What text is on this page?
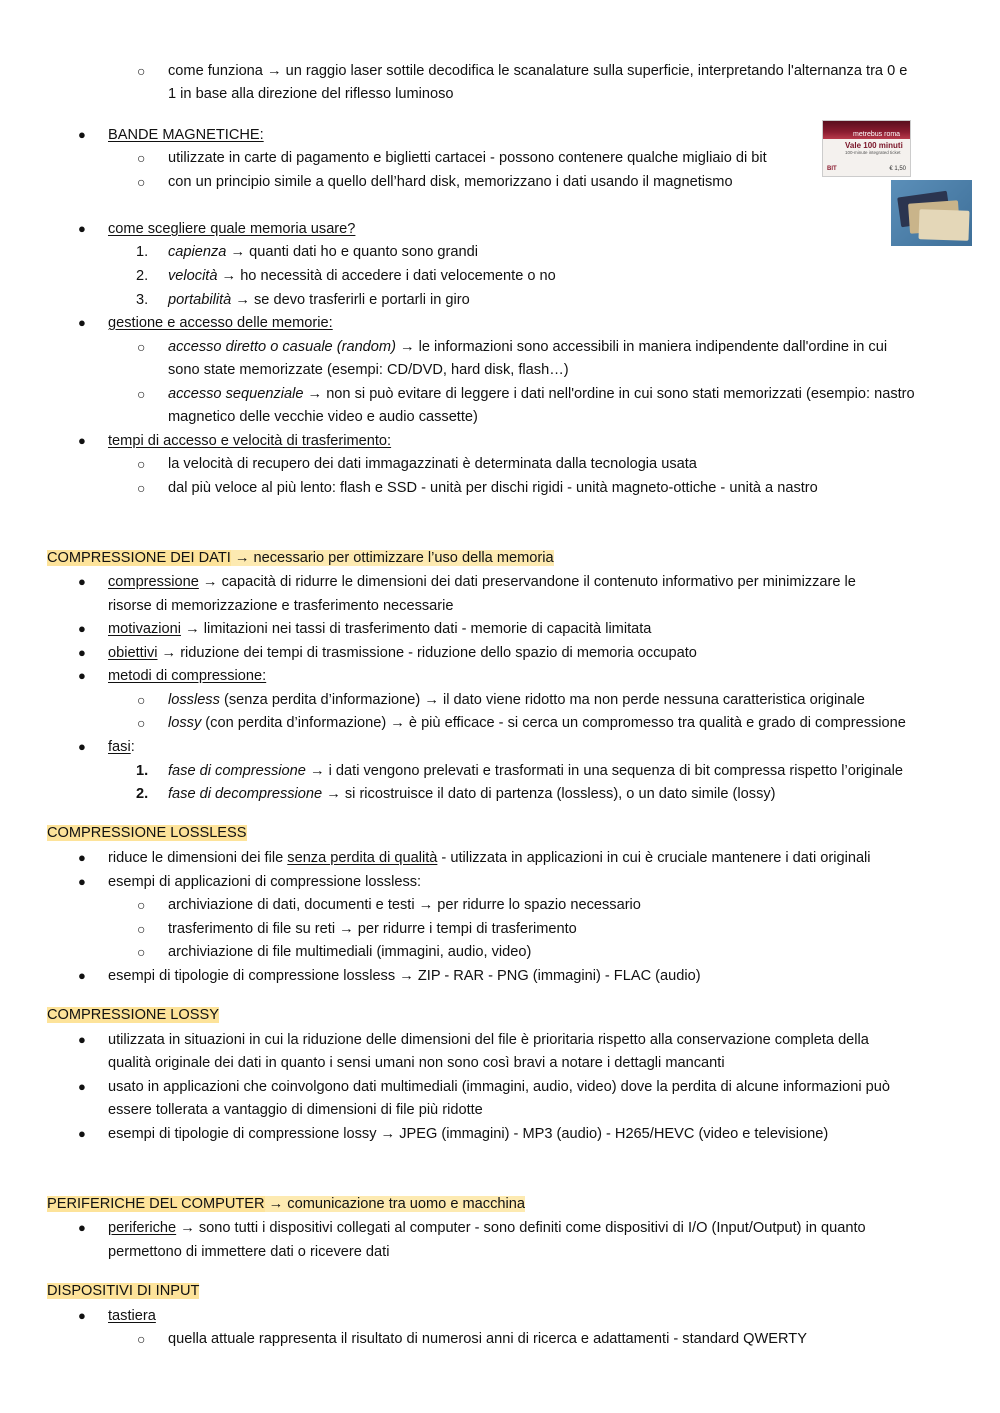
○ come funziona → un raggio laser sottile decodifica le scanalature sulla superficie, interpretando l'alternanza tra 0 e
1 in base alla direzione del riflesso luminoso
● BANDE MAGNETICHE:
○ utilizzate in carte di pagamento e biglietti cartacei - possono contenere qualche migliaio di bit
○ con un principio simile a quello dell’hard disk, memorizzano i dati usando il magnetismo
metrebus roma
Vale 100 minuti
100-minute integrated ticket
BIT	€ 1,50
● come scegliere quale memoria usare?
1. capienza → quanti dati ho e quanto sono grandi
2. velocità → ho necessità di accedere i dati velocemente o no
3. portabilità → se devo trasferirli e portarli in giro
● gestione e accesso delle memorie:
○ accesso diretto o casuale (random) → le informazioni sono accessibili in maniera indipendente dall'ordine in cui
sono state memorizzate (esempi: CD/DVD, hard disk, flash…)
○ accesso sequenziale → non si può evitare di leggere i dati nell'ordine in cui sono stati memorizzati (esempio: nastro
magnetico delle vecchie video e audio cassette)
● tempi di accesso e velocità di trasferimento:
○ la velocità di recupero dei dati immagazzinati è determinata dalla tecnologia usata
○ dal più veloce al più lento: flash e SSD - unità per dischi rigidi - unità magneto-ottiche - unità a nastro
COMPRESSIONE DEI DATI → necessario per ottimizzare l’uso della memoria
● compressione → capacità di ridurre le dimensioni dei dati preservandone il contenuto informativo per minimizzare le
risorse di memorizzazione e trasferimento necessarie
● motivazioni → limitazioni nei tassi di trasferimento dati - memorie di capacità limitata
● obiettivi → riduzione dei tempi di trasmissione - riduzione dello spazio di memoria occupato
● metodi di compressione:
○ lossless (senza perdita d’informazione) → il dato viene ridotto ma non perde nessuna caratteristica originale
○ lossy (con perdita d’informazione) → è più efficace - si cerca un compromesso tra qualità e grado di compressione
● fasi:
1. fase di compressione → i dati vengono prelevati e trasformati in una sequenza di bit compressa rispetto l’originale
2. fase di decompressione → si ricostruisce il dato di partenza (lossless), o un dato simile (lossy)
COMPRESSIONE LOSSLESS
● riduce le dimensioni dei file senza perdita di qualità - utilizzata in applicazioni in cui è cruciale mantenere i dati originali
● esempi di applicazioni di compressione lossless:
○ archiviazione di dati, documenti e testi → per ridurre lo spazio necessario
○ trasferimento di file su reti → per ridurre i tempi di trasferimento
○ archiviazione di file multimediali (immagini, audio, video)
● esempi di tipologie di compressione lossless → ZIP - RAR - PNG (immagini) - FLAC (audio)
COMPRESSIONE LOSSY
● utilizzata in situazioni in cui la riduzione delle dimensioni del file è prioritaria rispetto alla conservazione completa della
qualità originale dei dati in quanto i sensi umani non sono così bravi a notare i dettagli mancanti
● usato in applicazioni che coinvolgono dati multimediali (immagini, audio, video) dove la perdita di alcune informazioni può
essere tollerata a vantaggio di dimensioni di file più ridotte
● esempi di tipologie di compressione lossy → JPEG (immagini) - MP3 (audio) - H265/HEVC (video e televisione)
PERIFERICHE DEL COMPUTER → comunicazione tra uomo e macchina
● periferiche → sono tutti i dispositivi collegati al computer - sono definiti come dispositivi di I/O (Input/Output) in quanto
permettono di immettere dati o ricevere dati
DISPOSITIVI DI INPUT
● tastiera
○ quella attuale rappresenta il risultato di numerosi anni di ricerca e adattamenti - standard QWERTY
